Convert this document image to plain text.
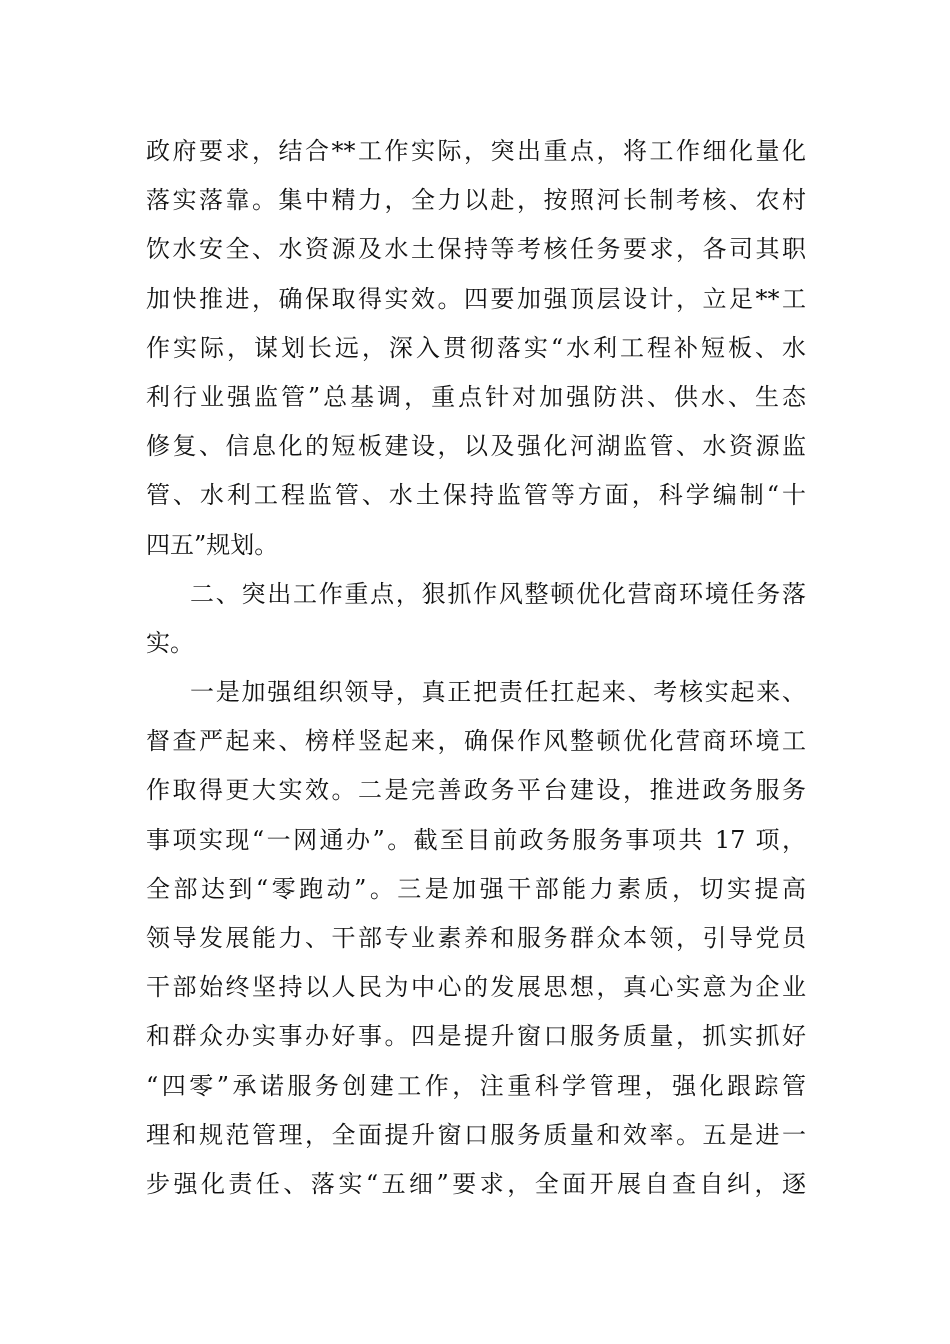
政府要求，结合**工作实际，突出重点，将工作细化量化
落实落靠。集中精力，全力以赴，按照河长制考核、农村
饮水安全、水资源及水土保持等考核任务要求，各司其职
加快推进，确保取得实效。四要加强顶层设计，立足**工
作实际，谋划长远，深入贯彻落实“水利工程补短板、水
利行业强监管”总基调，重点针对加强防洪、供水、生态
修复、信息化的短板建设，以及强化河湖监管、水资源监
管、水利工程监管、水土保持监管等方面，科学编制“十
四五”规划。
二、突出工作重点，狠抓作风整顿优化营商环境任务落
实。
一是加强组织领导，真正把责任扛起来、考核实起来、
督查严起来、榜样竖起来，确保作风整顿优化营商环境工
作取得更大实效。二是完善政务平台建设，推进政务服务
事项实现“一网通办”。截至目前政务服务事项共 17 项，
全部达到“零跑动”。三是加强干部能力素质，切实提高
领导发展能力、干部专业素养和服务群众本领，引导党员
干部始终坚持以人民为中心的发展思想，真心实意为企业
和群众办实事办好事。四是提升窗口服务质量，抓实抓好
“四零”承诺服务创建工作，注重科学管理，强化跟踪管
理和规范管理，全面提升窗口服务质量和效率。五是进一
步强化责任、落实“五细”要求，全面开展自查自纠，逐
